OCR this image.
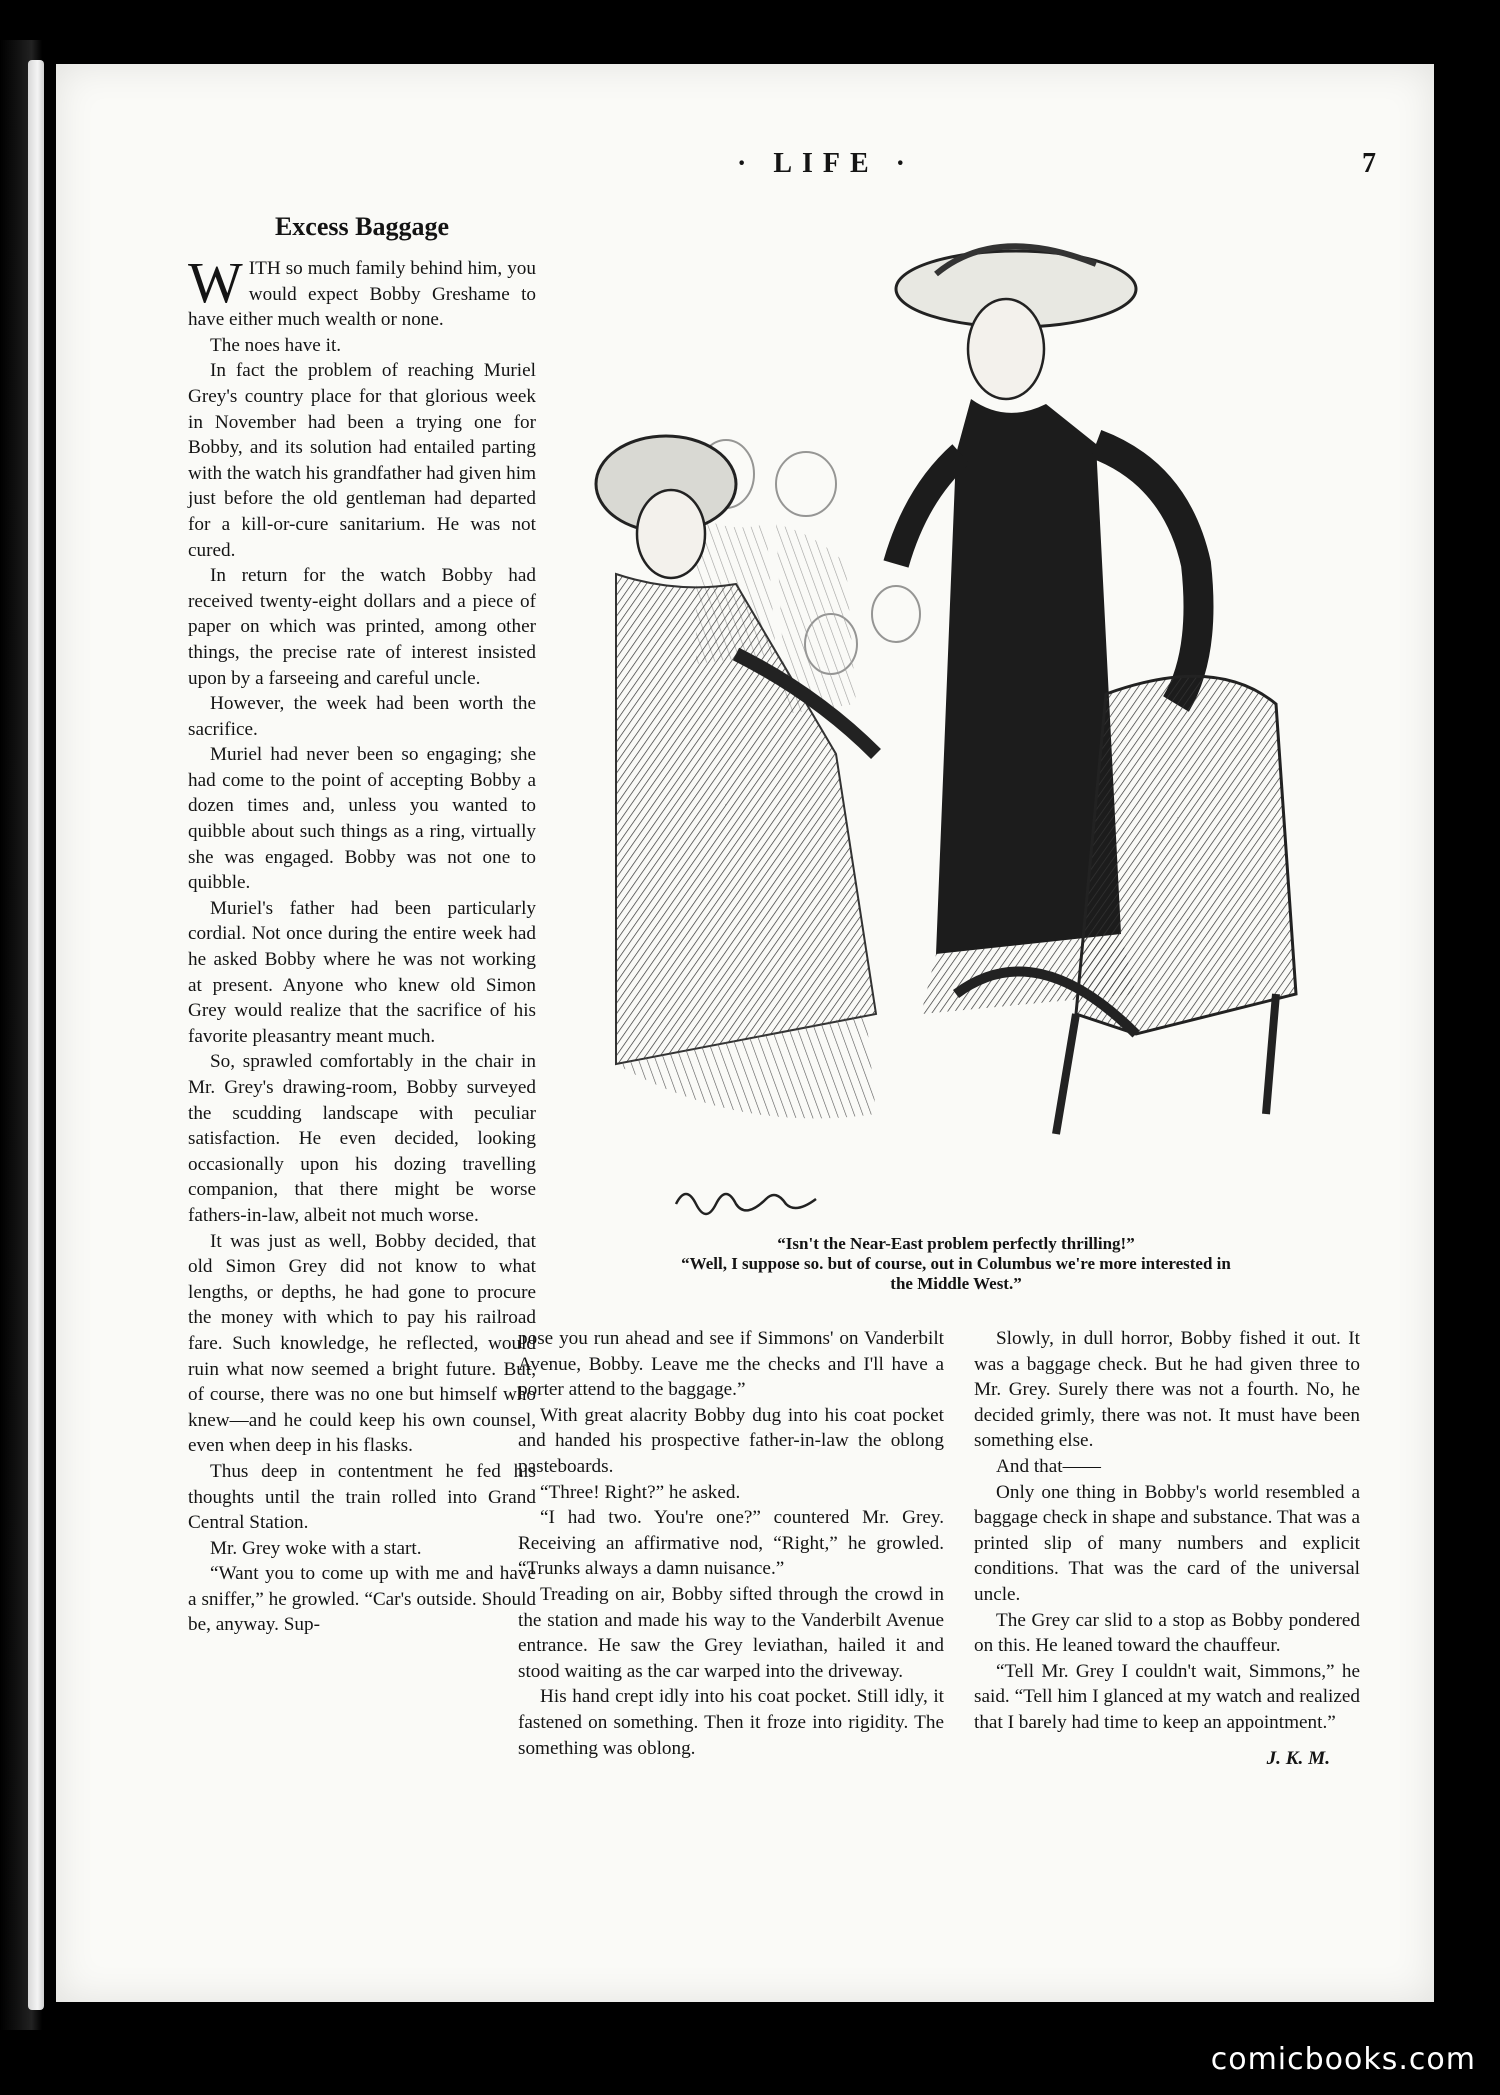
· LIFE ·	7
Excess Baggage
W ITH so much family behind him, you would expect Bobby Greshame to have either much wealth or none.

The noes have it.

In fact the problem of reaching Muriel Grey's country place for that glorious week in November had been a trying one for Bobby, and its solution had entailed parting with the watch his grandfather had given him just before the old gentleman had departed for a kill-or-cure sanitarium. He was not cured.

In return for the watch Bobby had received twenty-eight dollars and a piece of paper on which was printed, among other things, the precise rate of interest insisted upon by a farseeing and careful uncle.

However, the week had been worth the sacrifice.

Muriel had never been so engaging; she had come to the point of accepting Bobby a dozen times and, unless you wanted to quibble about such things as a ring, virtually she was engaged. Bobby was not one to quibble.

Muriel's father had been particularly cordial. Not once during the entire week had he asked Bobby where he was not working at present. Anyone who knew old Simon Grey would realize that the sacrifice of his favorite pleasantry meant much.

So, sprawled comfortably in the chair in Mr. Grey's drawing-room, Bobby surveyed the scudding landscape with peculiar satisfaction. He even decided, looking occasionally upon his dozing travelling companion, that there might be worse fathers-in-law, albeit not much worse.

It was just as well, Bobby decided, that old Simon Grey did not know to what lengths, or depths, he had gone to procure the money with which to pay his railroad fare. Such knowledge, he reflected, would ruin what now seemed a bright future. But, of course, there was no one but himself who knew—and he could keep his own counsel, even when deep in his flasks.

Thus deep in contentment he fed his thoughts until the train rolled into Grand Central Station.

Mr. Grey woke with a start.

“Want you to come up with me and have a sniffer,” he growled. “Car's outside. Should be, anyway. Sup-

“Isn't the Near-East problem perfectly thrilling!”
“Well, I suppose so. but of course, out in Columbus we're more interested in
the Middle West.”

pose you run ahead and see if Simmons' on Vanderbilt Avenue, Bobby. Leave me the checks and I'll have a porter attend to the baggage.”

With great alacrity Bobby dug into his coat pocket and handed his prospective father-in-law the oblong pasteboards.

“Three! Right?” he asked.

“I had two. You're one?” countered Mr. Grey. Receiving an affirmative nod, “Right,” he growled. “Trunks always a damn nuisance.”

Treading on air, Bobby sifted through the crowd in the station and made his way to the Vanderbilt Avenue entrance. He saw the Grey leviathan, hailed it and stood waiting as the car warped into the driveway.

His hand crept idly into his coat pocket. Still idly, it fastened on something. Then it froze into rigidity. The something was oblong.

Slowly, in dull horror, Bobby fished it out. It was a baggage check. But he had given three to Mr. Grey. Surely there was not a fourth. No, he decided grimly, there was not. It must have been something else.

And that——

Only one thing in Bobby's world resembled a baggage check in shape and substance. That was a printed slip of many numbers and explicit conditions. That was the card of the universal uncle.

The Grey car slid to a stop as Bobby pondered on this. He leaned toward the chauffeur.

“Tell Mr. Grey I couldn't wait, Simmons,” he said. “Tell him I glanced at my watch and realized that I barely had time to keep an appointment.”

J. K. M.
comicbooks.com
